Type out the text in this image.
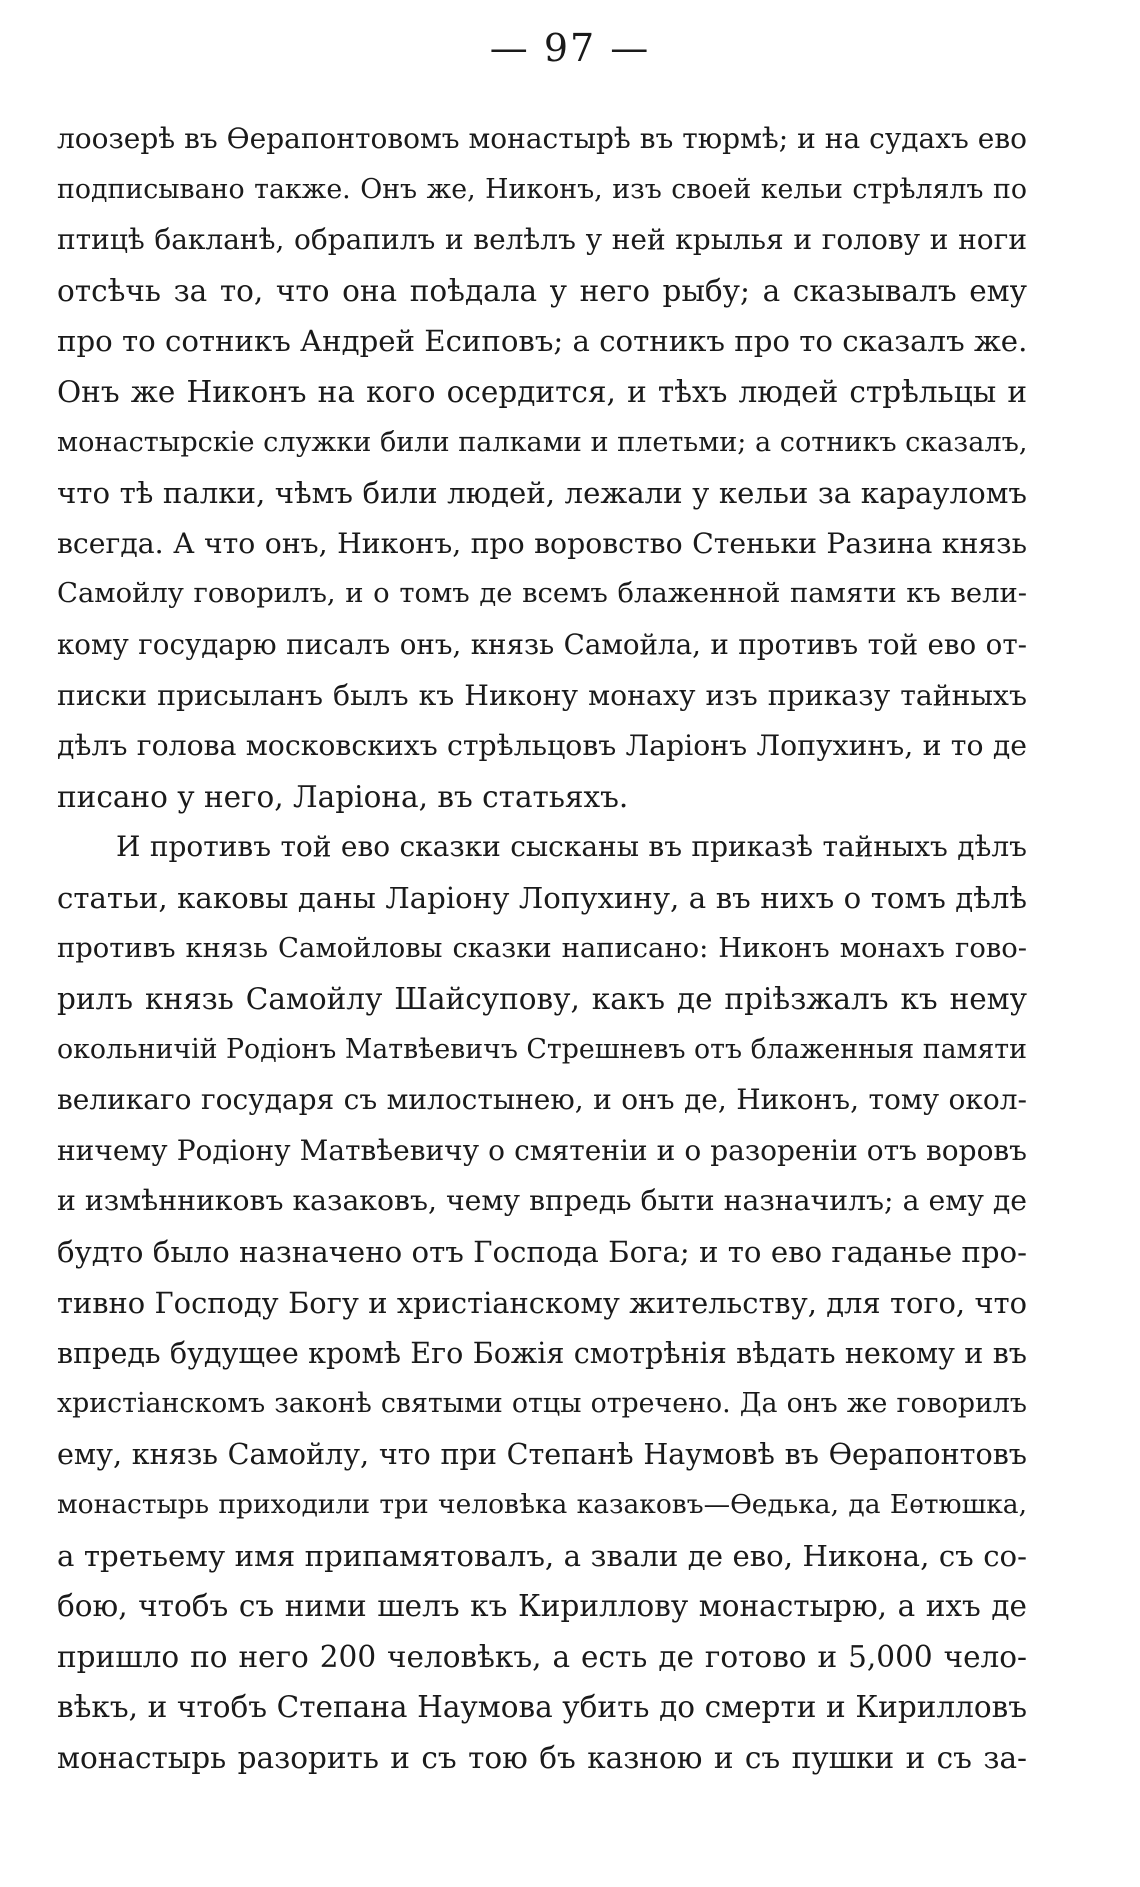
— 97 —
лоозерѣ въ Ѳерапонтовомъ монастырѣ въ тюрмѣ; и на судахъ ево
подписывано также. Онъ же, Никонъ, изъ своей кельи стрѣлялъ по
птицѣ бакланѣ, обрапилъ и велѣлъ у ней крылья и голову и ноги
отсѣчь за то, что она поѣдала у него рыбу; а сказывалъ ему
про то сотникъ Андрей Есиповъ; а сотникъ про то сказалъ же.
Онъ же Никонъ на кого осердится, и тѣхъ людей стрѣльцы и
монастырскіе служки били палками и плетьми; а сотникъ сказалъ,
что тѣ палки, чѣмъ били людей, лежали у кельи за карауломъ
всегда. А что онъ, Никонъ, про воровство Стеньки Разина князь
Самойлу говорилъ, и о томъ де всемъ блаженной памяти къ вели-
кому государю писалъ онъ, князь Самойла, и противъ той ево от-
писки присыланъ былъ къ Никону монаху изъ приказу тайныхъ
дѣлъ голова московскихъ стрѣльцовъ Ларіонъ Лопухинъ, и то де
писано у него, Ларіона, въ статьяхъ.
И противъ той ево сказки сысканы въ приказѣ тайныхъ дѣлъ
статьи, каковы даны Ларіону Лопухину, а въ нихъ о томъ дѣлѣ
противъ князь Самойловы сказки написано: Никонъ монахъ гово-
рилъ князь Самойлу Шайсупову, какъ де пріѣзжалъ къ нему
окольничій Родіонъ Матвѣевичъ Стрешневъ отъ блаженныя памяти
великаго государя съ милостынею, и онъ де, Никонъ, тому окол-
ничему Родіону Матвѣевичу о смятеніи и о разореніи отъ воровъ
и измѣнниковъ казаковъ, чему впредь быти назначилъ; а ему де
будто было назначено отъ Господа Бога; и то ево гаданье про-
тивно Господу Богу и христіанскому жительству, для того, что
впредь будущее кромѣ Его Божія смотрѣнія вѣдать некому и въ
христіанскомъ законѣ святыми отцы отречено. Да онъ же говорилъ
ему, князь Самойлу, что при Степанѣ Наумовѣ въ Ѳерапонтовъ
монастырь приходили три человѣка казаковъ—Ѳедька, да Еѳтюшка,
а третьему имя припамятовалъ, а звали де ево, Никона, съ со-
бою, чтобъ съ ними шелъ къ Кириллову монастырю, а ихъ де
пришло по него 200 человѣкъ, а есть де готово и 5,000 чело-
вѣкъ, и чтобъ Степана Наумова убить до смерти и Кирилловъ
монастырь разорить и съ тою бъ казною и съ пушки и съ за-
